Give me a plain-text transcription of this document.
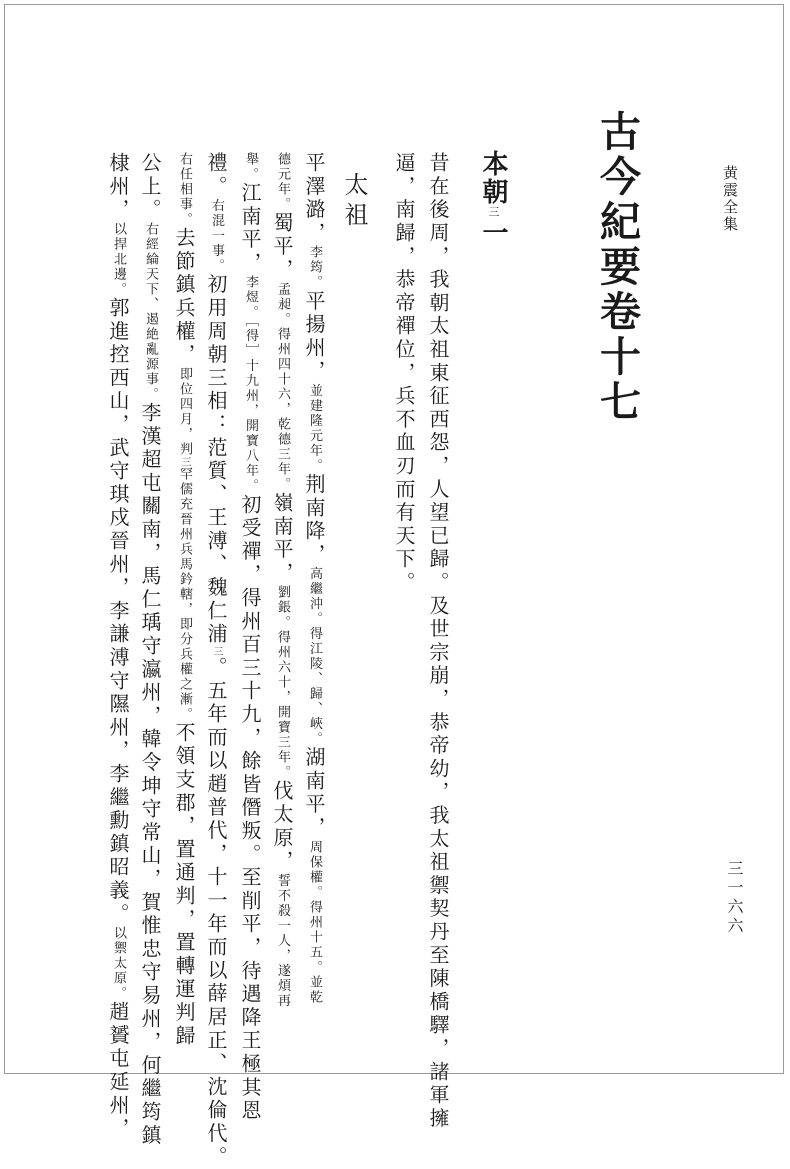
黄震全集
三一六六
古今紀要卷十七
本朝三一
昔在後周，我朝太祖東征西怨，人望已歸。及世宗崩，恭帝幼，我太祖禦契丹至陳橋驛，諸軍擁
逼，南歸，恭帝禪位，兵不血刃而有天下。
太祖
平澤潞，李筠。平揚州，並建隆元年。荆南降，高繼沖。得江陵、歸、峽。湖南平，周保權。得州十五。並乾
德元年。蜀平，孟昶。得州四十六，乾德三年。嶺南平，劉鋹。得州六十，開寶三年。伐太原，誓不殺一人，遂煩再
舉。江南平，李煜。［得］十九州，開寶八年。初受禪，得州百三十九，餘皆僭叛。至削平，待遇降王極其恩
禮。右混一事。初用周朝三相：范質、王溥、魏仁浦三。五年而以趙普代，十一年而以薛居正、沈倫代。
右任相事。去節鎮兵權，即位四月，判三罕儒充晉州兵馬鈐轄，即分兵權之漸。不領支郡，置通判，置轉運判歸
公上。右經綸天下、遏絶亂源事。李漢超屯關南，馬仁瑀守瀛州，韓令坤守常山，賀惟忠守易州，何繼筠鎮
棣州，以捍北邊。郭進控西山，武守琪戍晉州，李謙溥守隰州，李繼勳鎮昭義。以禦太原。趙贇屯延州，
